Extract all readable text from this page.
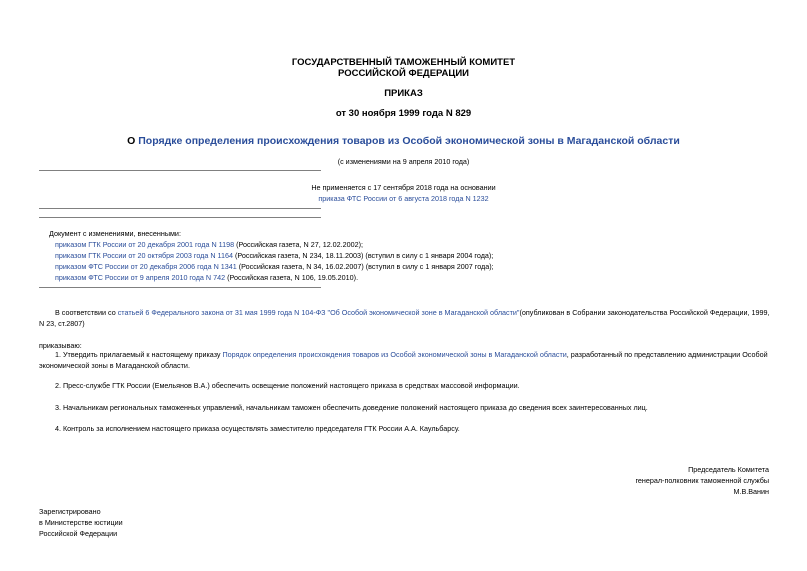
ГОСУДАРСТВЕННЫЙ ТАМОЖЕННЫЙ КОМИТЕТ
РОССИЙСКОЙ ФЕДЕРАЦИИ
ПРИКАЗ
от 30 ноября 1999 года N 829
О Порядке определения происхождения товаров из Особой экономической зоны в Магаданской области
(с изменениями на 9 апреля 2010 года)
Не применяется с 17 сентября 2018 года на основании
приказа ФТС России от 6 августа 2018 года N 1232
Документ с изменениями, внесенными:
приказом ГТК России от 20 декабря 2001 года N 1198 (Российская газета, N 27, 12.02.2002);
приказом ГТК России от 20 октября 2003 года N 1164 (Российская газета, N 234, 18.11.2003) (вступил в силу с 1 января 2004 года);
приказом ФТС России от 20 декабря 2006 года N 1341 (Российская газета, N 34, 16.02.2007) (вступил в силу с 1 января 2007 года);
приказом ФТС России от 9 апреля 2010 года N 742 (Российская газета, N 106, 19.05.2010).
В соответствии со статьей 6 Федерального закона от 31 мая 1999 года N 104-ФЗ "Об Особой экономической зоне в Магаданской области"(опубликован в Собрании законодательства Российской Федерации, 1999, N 23, ст.2807)
приказываю:
1. Утвердить прилагаемый к настоящему приказу Порядок определения происхождения товаров из Особой экономической зоны в Магаданской области, разработанный по представлению администрации Особой экономической зоны в Магаданской области.
2. Пресс-службе ГТК России (Емельянов В.А.) обеспечить освещение положений настоящего приказа в средствах массовой информации.
3. Начальникам региональных таможенных управлений, начальникам таможен обеспечить доведение положений настоящего приказа до сведения всех заинтересованных лиц.
4. Контроль за исполнением настоящего приказа осуществлять заместителю председателя ГТК России А.А. Каульбарсу.
Председатель Комитета
генерал-полковник таможенной службы
М.В.Ванин
Зарегистрировано
в Министерстве юстиции
Российской Федерации
